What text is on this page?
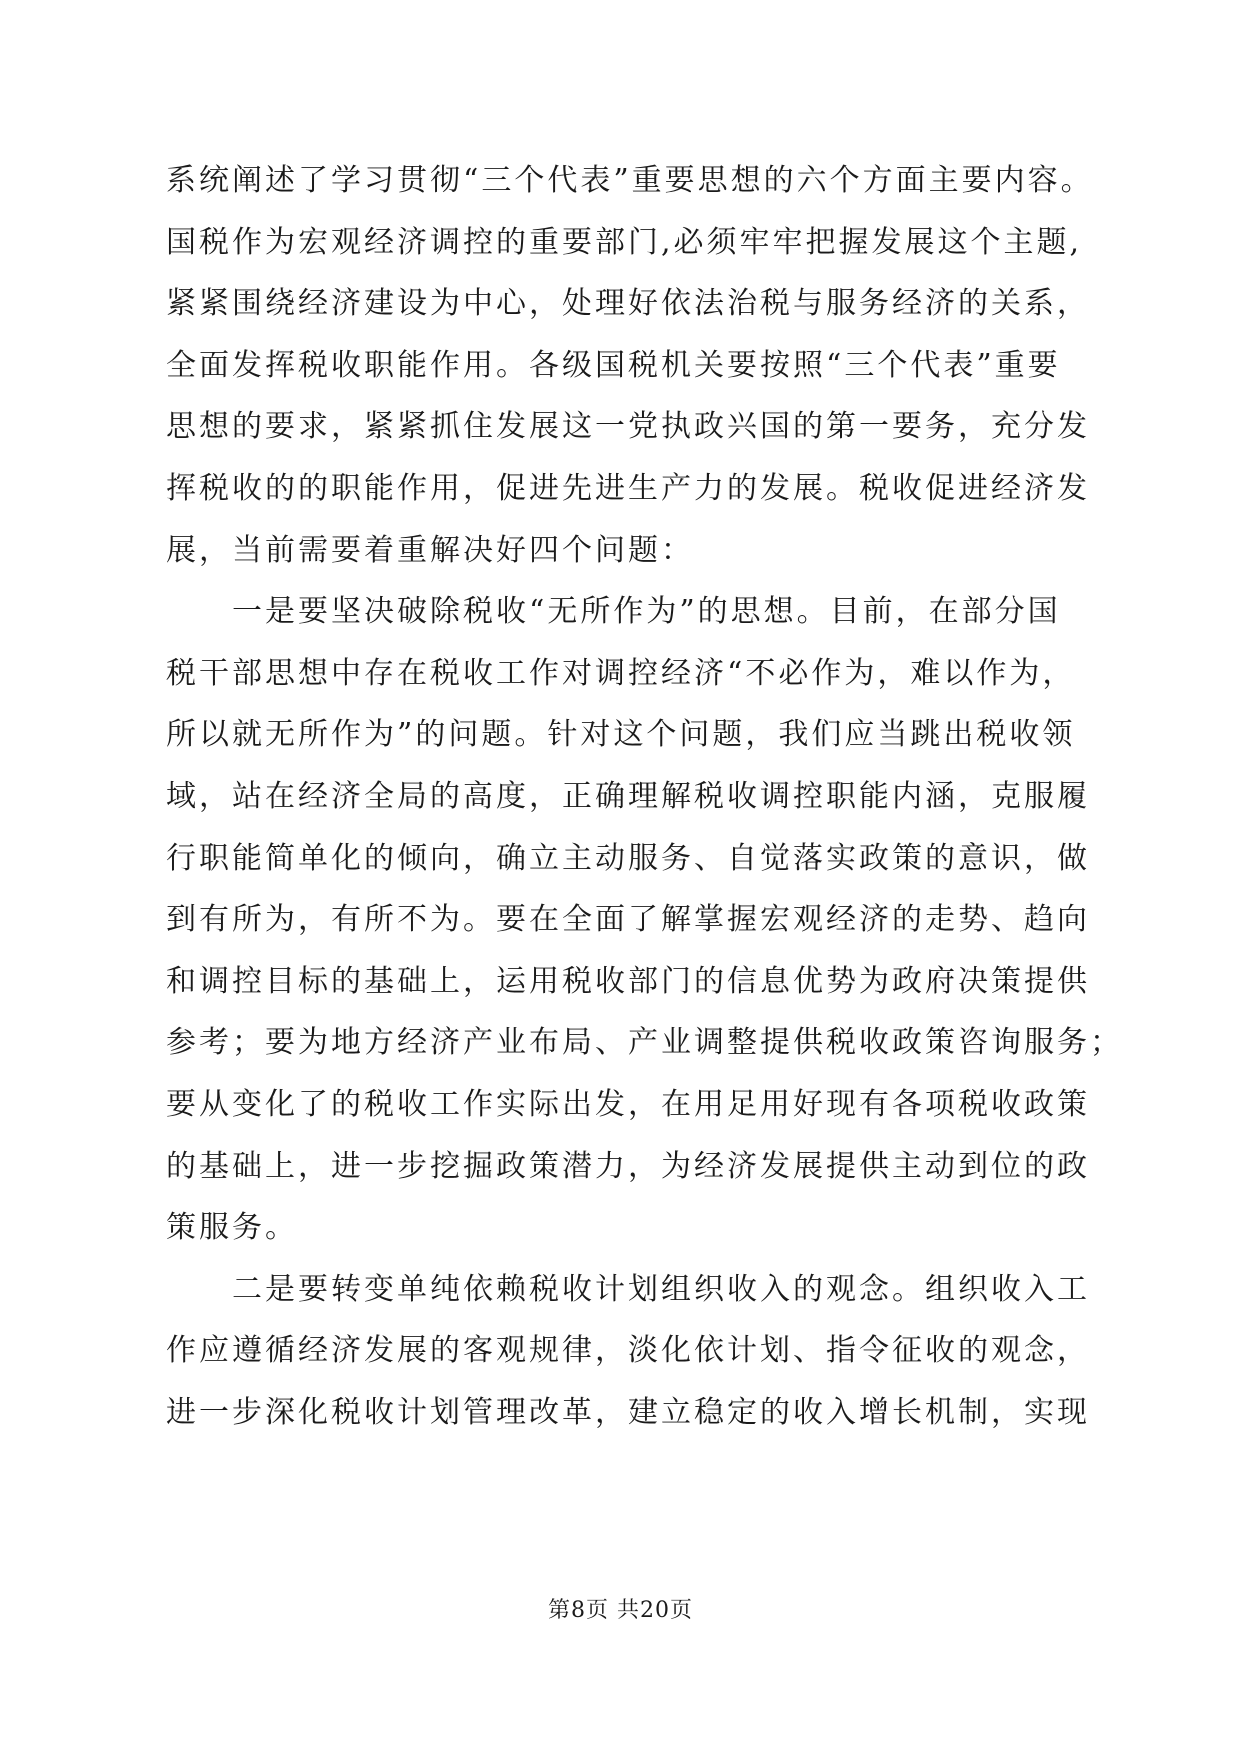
系统阐述了学习贯彻“三个代表”重要思想的六个方面主要内容。
国税作为宏观经济调控的重要部门,必须牢牢把握发展这个主题,
紧紧围绕经济建设为中心，处理好依法治税与服务经济的关系，
全面发挥税收职能作用。各级国税机关要按照“三个代表”重要
思想的要求，紧紧抓住发展这一党执政兴国的第一要务，充分发
挥税收的的职能作用，促进先进生产力的发展。税收促进经济发
展，当前需要着重解决好四个问题：
　　一是要坚决破除税收“无所作为”的思想。目前，在部分国
税干部思想中存在税收工作对调控经济“不必作为，难以作为，
所以就无所作为”的问题。针对这个问题，我们应当跳出税收领
域，站在经济全局的高度，正确理解税收调控职能内涵，克服履
行职能简单化的倾向，确立主动服务、自觉落实政策的意识，做
到有所为，有所不为。要在全面了解掌握宏观经济的走势、趋向
和调控目标的基础上，运用税收部门的信息优势为政府决策提供
参考；要为地方经济产业布局、产业调整提供税收政策咨询服务；
要从变化了的税收工作实际出发，在用足用好现有各项税收政策
的基础上，进一步挖掘政策潜力，为经济发展提供主动到位的政
策服务。
　　二是要转变单纯依赖税收计划组织收入的观念。组织收入工
作应遵循经济发展的客观规律，淡化依计划、指令征收的观念，
进一步深化税收计划管理改革，建立稳定的收入增长机制，实现
第8页 共20页
